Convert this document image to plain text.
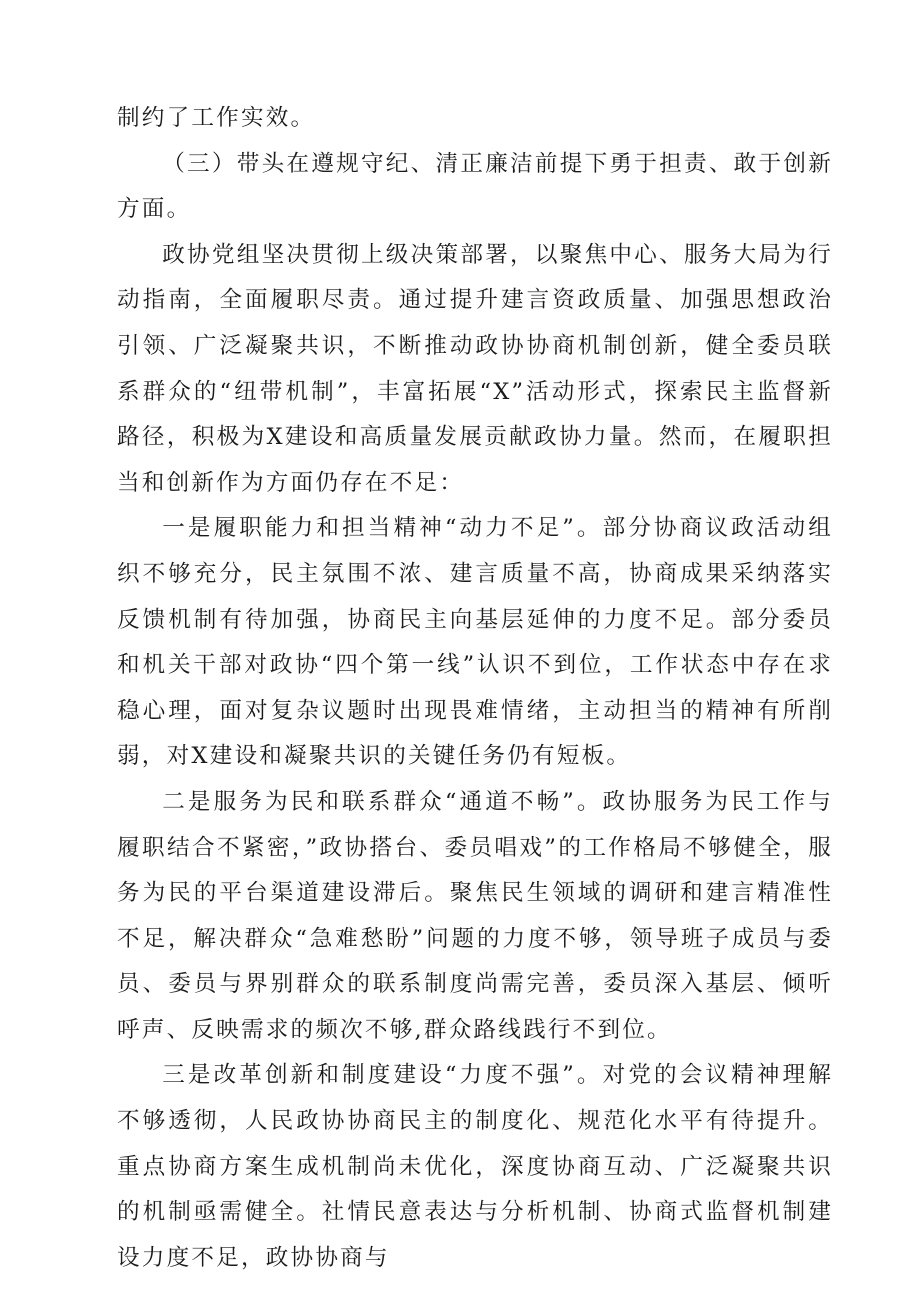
制约了工作实效。

（三）带头在遵规守纪、清正廉洁前提下勇于担责、敢于创新方面。

政协党组坚决贯彻上级决策部署，以聚焦中心、服务大局为行动指南，全面履职尽责。通过提升建言资政质量、加强思想政治引领、广泛凝聚共识，不断推动政协协商机制创新，健全委员联系群众的“纽带机制”，丰富拓展“X”活动形式，探索民主监督新路径，积极为X建设和高质量发展贡献政协力量。然而，在履职担当和创新作为方面仍存在不足：

一是履职能力和担当精神“动力不足”。部分协商议政活动组织不够充分，民主氛围不浓、建言质量不高，协商成果采纳落实反馈机制有待加强，协商民主向基层延伸的力度不足。部分委员和机关干部对政协“四个第一线”认识不到位，工作状态中存在求稳心理，面对复杂议题时出现畏难情绪，主动担当的精神有所削弱，对X建设和凝聚共识的关键任务仍有短板。

二是服务为民和联系群众“通道不畅”。政协服务为民工作与履职结合不紧密，”政协搭台、委员唱戏”的工作格局不够健全，服务为民的平台渠道建设滞后。聚焦民生领域的调研和建言精准性不足，解决群众“急难愁盼”问题的力度不够，领导班子成员与委员、委员与界别群众的联系制度尚需完善，委员深入基层、倾听呼声、反映需求的频次不够,群众路线践行不到位。

三是改革创新和制度建设“力度不强”。对党的会议精神理解不够透彻，人民政协协商民主的制度化、规范化水平有待提升。重点协商方案生成机制尚未优化，深度协商互动、广泛凝聚共识的机制亟需健全。社情民意表达与分析机制、协商式监督机制建设力度不足，政协协商与
